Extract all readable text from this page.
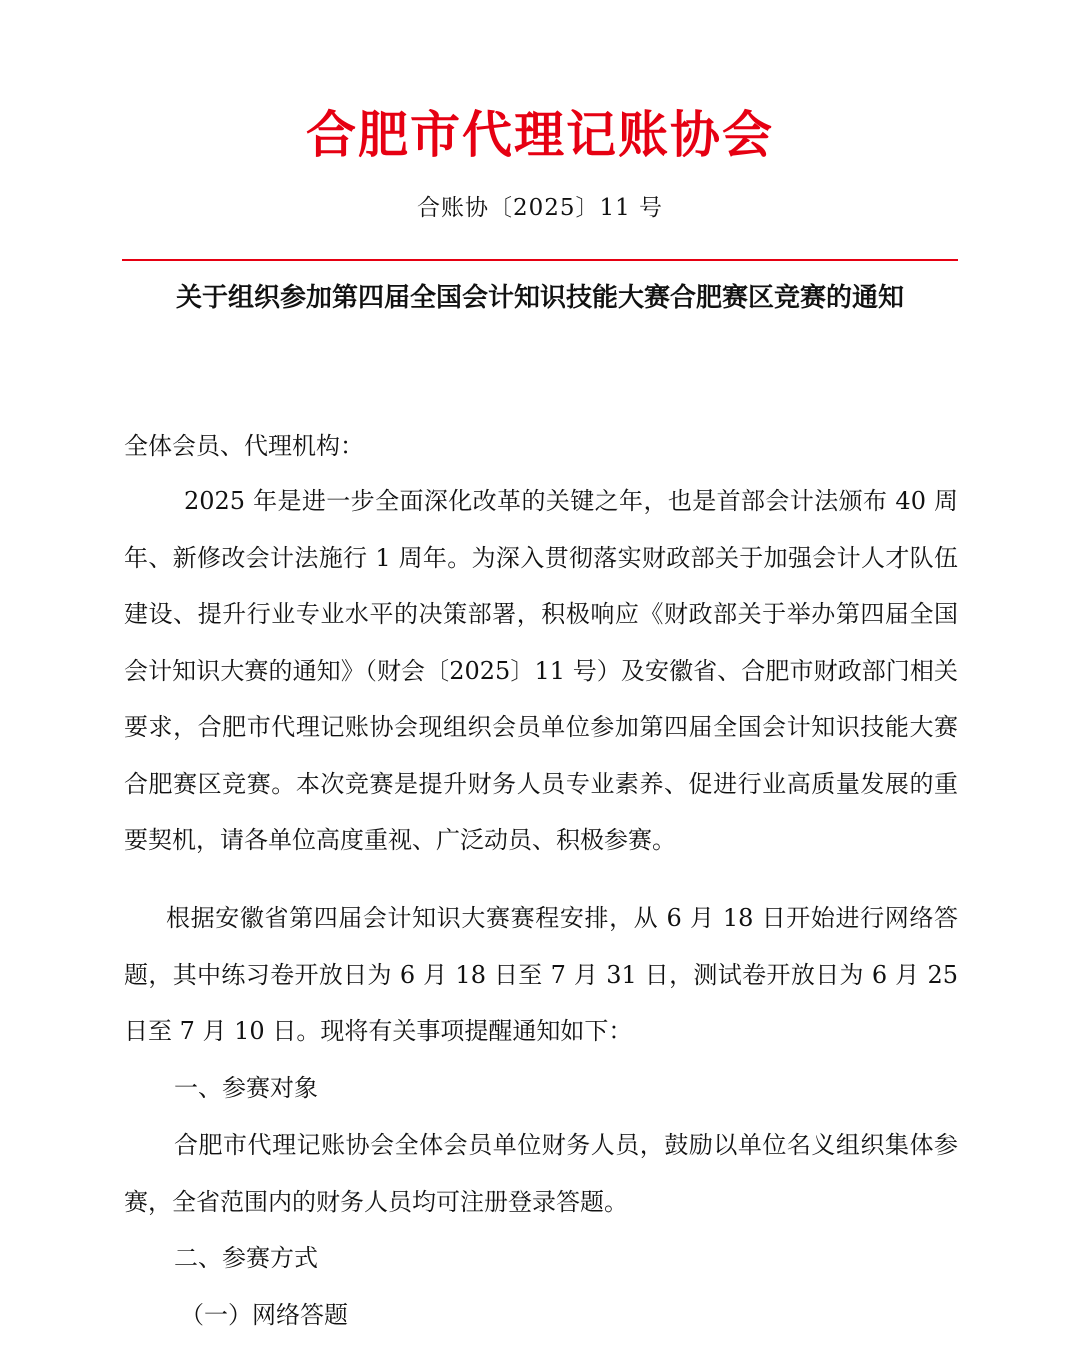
合肥市代理记账协会
合账协〔2025〕11 号
关于组织参加第四届全国会计知识技能大赛合肥赛区竞赛的通知

全体会员、代理机构：

2025 年是进一步全面深化改革的关键之年，也是首部会计法颁布 40 周年、新修改会计法施行 1 周年。为深入贯彻落实财政部关于加强会计人才队伍建设、提升行业专业水平的决策部署，积极响应《财政部关于举办第四届全国会计知识大赛的通知》（财会〔2025〕11 号）及安徽省、合肥市财政部门相关要求，合肥市代理记账协会现组织会员单位参加第四届全国会计知识技能大赛合肥赛区竞赛。本次竞赛是提升财务人员专业素养、促进行业高质量发展的重要契机，请各单位高度重视、广泛动员、积极参赛。

根据安徽省第四届会计知识大赛赛程安排，从 6 月 18 日开始进行网络答题，其中练习卷开放日为 6 月 18 日至 7 月 31 日，测试卷开放日为 6 月 25 日至 7 月 10 日。现将有关事项提醒通知如下：

一、参赛对象

合肥市代理记账协会全体会员单位财务人员，鼓励以单位名义组织集体参赛，全省范围内的财务人员均可注册登录答题。

二、参赛方式

（一）网络答题
